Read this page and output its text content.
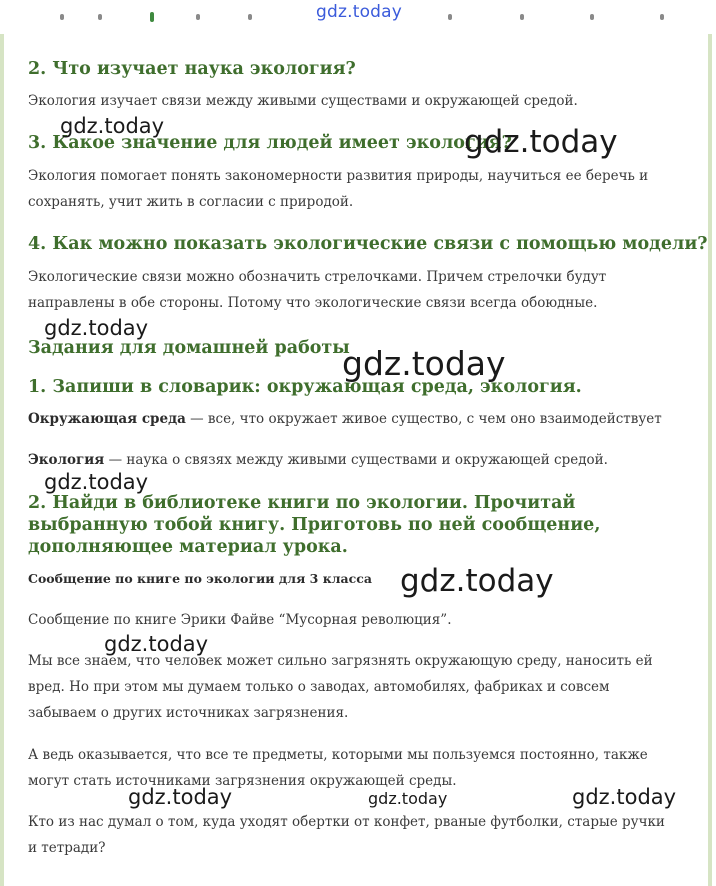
gdz.today
2. Что изучает наука экология?

Экология изучает связи между живыми существами и окружающей средой.

3. Какое значение для людей имеет экология?

Экология помогает понять закономерности развития природы, научиться ее беречь и сохранять, учит жить в согласии с природой.

4. Как можно показать экологические связи с помощью модели?

Экологические связи можно обозначить стрелочками. Причем стрелочки будут направлены в обе стороны. Потому что экологические связи всегда обоюдные.

Задания для домашней работы
1. Запиши в словарик: окружающая среда, экология.

Окружающая среда — все, что окружает живое существо, с чем оно взаимодействует

Экология — наука о связях между живыми существами и окружающей средой.

2. Найди в библиотеке книги по экологии. Прочитай выбранную тобой книгу. Приготовь по ней сообщение, дополняющее материал урока.
Сообщение по книге по экологии для 3 класса

Сообщение по книге Эрики Файве “Мусорная революция”.

Мы все знаем, что человек может сильно загрязнять окружающую среду, наносить ей вред. Но при этом мы думаем только о заводах, автомобилях, фабриках и совсем забываем о других источниках загрязнения.

А ведь оказывается, что все те предметы, которыми мы пользуемся постоянно, также могут стать источниками загрязнения окружающей среды.

Кто из нас думал о том, куда уходят обертки от конфет, рваные футболки, старые ручки и тетради?

gdz.today	gdz.today
gdz.today
gdz.today
gdz.today
gdz.today
gdz.today
gdz.today	gdz.today	gdz.today
